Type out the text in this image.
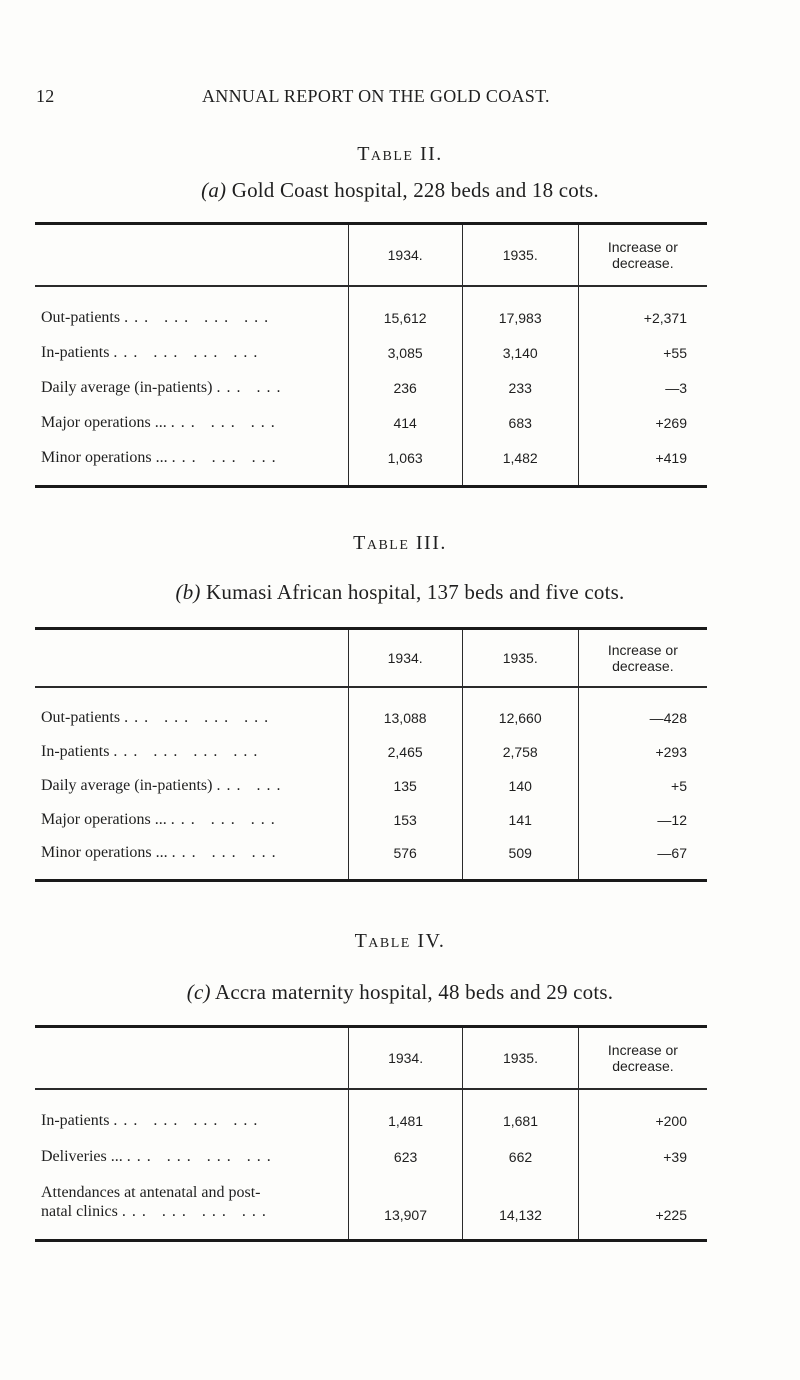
12	ANNUAL REPORT ON THE GOLD COAST.
Table II.
(a) Gold Coast hospital, 228 beds and 18 cots.
	1934.	1935.	Increase or decrease.
Out-patients ... ... ... ...	15,612	17,983	+2,371
In-patients ... ... ... ...	3,085	3,140	+55
Daily average (in-patients) ... ...	236	233	—3
Major operations ... ... ... ...	414	683	+269
Minor operations ... ... ... ...	1,063	1,482	+419
Table III.
(b) Kumasi African hospital, 137 beds and five cots.
	1934.	1935.	Increase or decrease.
Out-patients ... ... ... ...	13,088	12,660	—428
In-patients ... ... ... ...	2,465	2,758	+293
Daily average (in-patients) ... ...	135	140	+5
Major operations ... ... ... ...	153	141	—12
Minor operations ... ... ... ...	576	509	—67
Table IV.
(c) Accra maternity hospital, 48 beds and 29 cots.
	1934.	1935.	Increase or decrease.
In-patients ... ... ... ...	1,481	1,681	+200
Deliveries ... ... ... ... ...	623	662	+39
Attendances at antenatal and post-
natal clinics ... ... ... ...	13,907	14,132	+225
